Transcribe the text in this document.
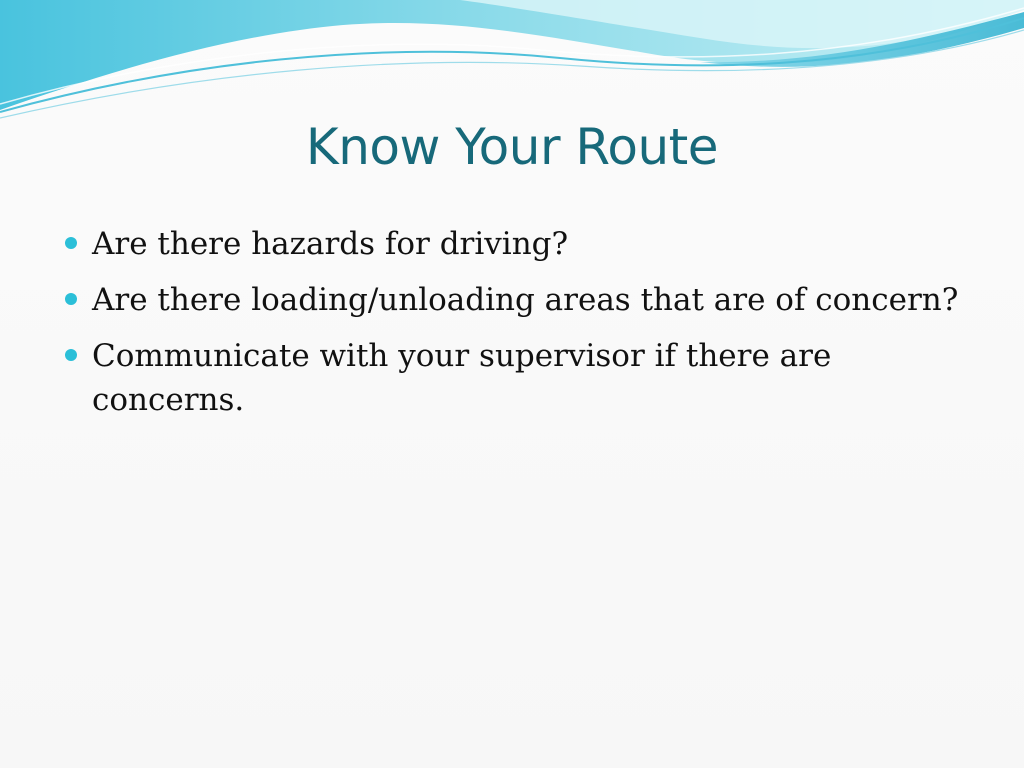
Know Your Route
Are there hazards for driving?
Are there loading/unloading areas that are of concern?
Communicate with your supervisor if there are concerns.
